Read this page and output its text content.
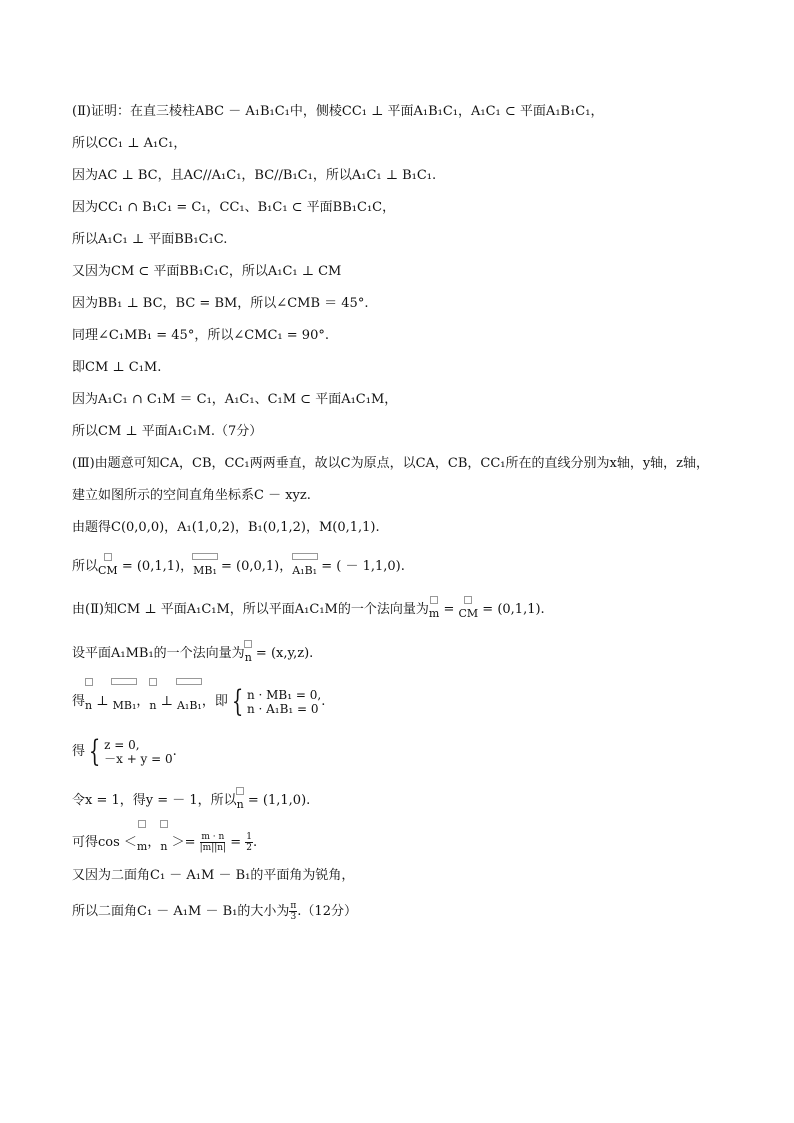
(Ⅱ)证明：在直三棱柱ABC － A₁B₁C₁中，侧棱CC₁ ⊥ 平面A₁B₁C₁，A₁C₁ ⊂ 平面A₁B₁C₁，
所以CC₁ ⊥ A₁C₁，
因为AC ⊥ BC，且AC//A₁C₁，BC//B₁C₁，所以A₁C₁ ⊥ B₁C₁.
因为CC₁ ∩ B₁C₁ = C₁，CC₁、B₁C₁ ⊂ 平面BB₁C₁C，
所以A₁C₁ ⊥ 平面BB₁C₁C.
又因为CM ⊂ 平面BB₁C₁C，所以A₁C₁ ⊥ CM
因为BB₁ ⊥ BC，BC = BM，所以∠CMB ＝ 45°.
同理∠C₁MB₁ = 45°，所以∠CMC₁ = 90°.
即CM ⊥ C₁M.
因为A₁C₁ ∩ C₁M ＝ C₁，A₁C₁、C₁M ⊂ 平面A₁C₁M，
所以CM ⊥ 平面A₁C₁M.（7分）
(Ⅲ)由题意可知CA，CB，CC₁两两垂直，故以C为原点，以CA，CB，CC₁所在的直线分别为x轴，y轴，z轴，
建立如图所示的空间直角坐标系C － xyz.
由题得C(0,0,0)，A₁(1,0,2)，B₁(0,1,2)，M(0,1,1).
所以
CM = (0,1,1)，
MB₁ = (0,0,1)，
A₁B₁ = ( － 1,1,0).
由(Ⅱ)知CM ⊥ 平面A₁C₁M，所以平面A₁C₁M的一个法向量为
m =
CM = (0,1,1).
设平面A₁MB₁的一个法向量为
n = (x,y,z).
得
n ⊥
MB₁，
n ⊥
A₁B₁，即 { n · MB₁ = 0,
n · A₁B₁ = 0 .
得 { z = 0,
－x + y = 0 .
令x = 1，得y = － 1，所以
n = (1,1,0).
可得cos ＜
m，
$n >= \frac{m \cdot n}{|m||n|} = \frac{1}{2}$ .
又因为二面角C₁ － A₁M － B₁的平面角为锐角，
所以二面角C₁ － A₁M － B₁的大小为 $\frac{\pi}{3} .(12$分）
